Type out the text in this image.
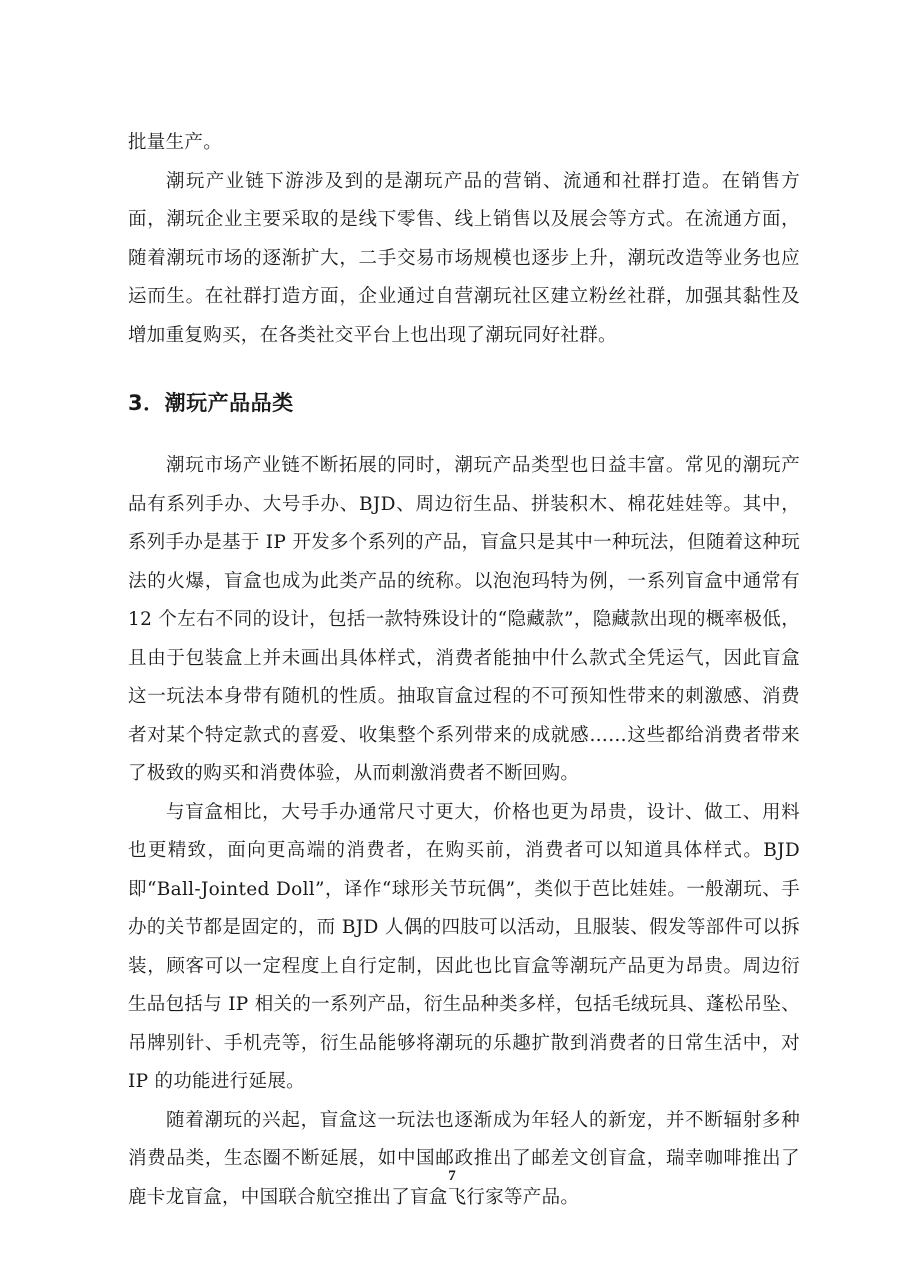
批量生产。

潮玩产业链下游涉及到的是潮玩产品的营销、流通和社群打造。在销售方面，潮玩企业主要采取的是线下零售、线上销售以及展会等方式。在流通方面，随着潮玩市场的逐渐扩大，二手交易市场规模也逐步上升，潮玩改造等业务也应运而生。在社群打造方面，企业通过自营潮玩社区建立粉丝社群，加强其黏性及增加重复购买，在各类社交平台上也出现了潮玩同好社群。

3．潮玩产品品类

潮玩市场产业链不断拓展的同时，潮玩产品类型也日益丰富。常见的潮玩产品有系列手办、大号手办、BJD、周边衍生品、拼装积木、棉花娃娃等。其中，系列手办是基于 IP 开发多个系列的产品，盲盒只是其中一种玩法，但随着这种玩法的火爆，盲盒也成为此类产品的统称。以泡泡玛特为例，一系列盲盒中通常有 12 个左右不同的设计，包括一款特殊设计的“隐藏款”，隐藏款出现的概率极低，且由于包装盒上并未画出具体样式，消费者能抽中什么款式全凭运气，因此盲盒这一玩法本身带有随机的性质。抽取盲盒过程的不可预知性带来的刺激感、消费者对某个特定款式的喜爱、收集整个系列带来的成就感……这些都给消费者带来了极致的购买和消费体验，从而刺激消费者不断回购。

与盲盒相比，大号手办通常尺寸更大，价格也更为昂贵，设计、做工、用料也更精致，面向更高端的消费者，在购买前，消费者可以知道具体样式。BJD 即“Ball-Jointed Doll”，译作“球形关节玩偶”，类似于芭比娃娃。一般潮玩、手办的关节都是固定的，而 BJD 人偶的四肢可以活动，且服装、假发等部件可以拆装，顾客可以一定程度上自行定制，因此也比盲盒等潮玩产品更为昂贵。周边衍生品包括与 IP 相关的一系列产品，衍生品种类多样，包括毛绒玩具、蓬松吊坠、吊牌别针、手机壳等，衍生品能够将潮玩的乐趣扩散到消费者的日常生活中，对 IP 的功能进行延展。

随着潮玩的兴起，盲盒这一玩法也逐渐成为年轻人的新宠，并不断辐射多种消费品类，生态圈不断延展，如中国邮政推出了邮差文创盲盒，瑞幸咖啡推出了鹿卡龙盲盒，中国联合航空推出了盲盒飞行家等产品。

7
